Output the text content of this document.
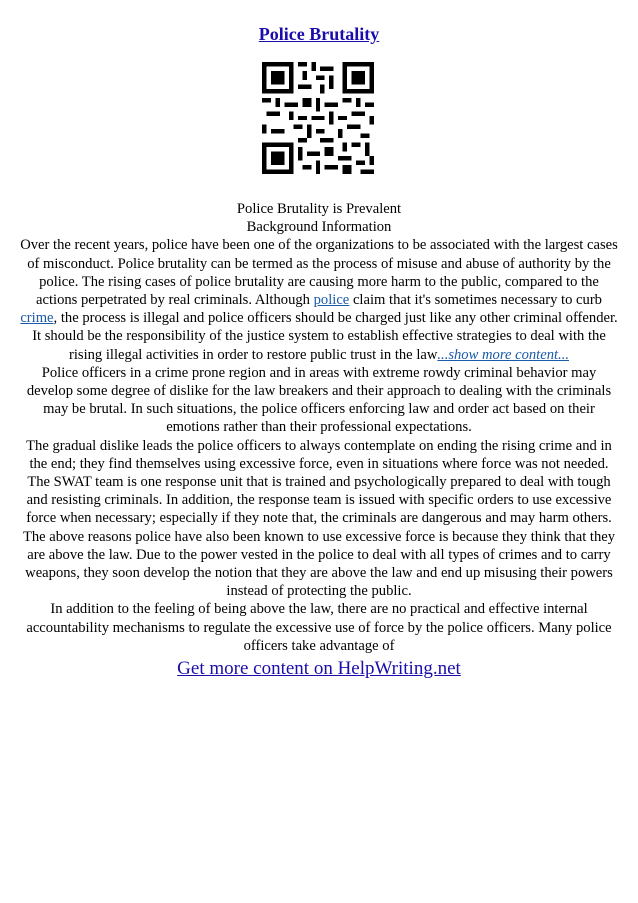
Police Brutality

Police Brutality is Prevalent

Background Information

Over the recent years, police have been one of the organizations to be associated with the largest cases of misconduct. Police brutality can be termed as the process of misuse and abuse of authority by the police. The rising cases of police brutality are causing more harm to the public, compared to the actions perpetrated by real criminals. Although police claim that it's sometimes necessary to curb crime, the process is illegal and police officers should be charged just like any other criminal offender. It should be the responsibility of the justice system to establish effective strategies to deal with the rising illegal activities in order to restore public trust in the law...show more content...

Police officers in a crime prone region and in areas with extreme rowdy criminal behavior may develop some degree of dislike for the law breakers and their approach to dealing with the criminals may be brutal. In such situations, the police officers enforcing law and order act based on their emotions rather than their professional expectations.

The gradual dislike leads the police officers to always contemplate on ending the rising crime and in the end; they find themselves using excessive force, even in situations where force was not needed. The SWAT team is one response unit that is trained and psychologically prepared to deal with tough and resisting criminals. In addition, the response team is issued with specific orders to use excessive force when necessary; especially if they note that, the criminals are dangerous and may harm others.

The above reasons police have also been known to use excessive force is because they think that they are above the law. Due to the power vested in the police to deal with all types of crimes and to carry weapons, they soon develop the notion that they are above the law and end up misusing their powers instead of protecting the public.

In addition to the feeling of being above the law, there are no practical and effective internal accountability mechanisms to regulate the excessive use of force by the police officers. Many police officers take advantage of

Get more content on HelpWriting.net
